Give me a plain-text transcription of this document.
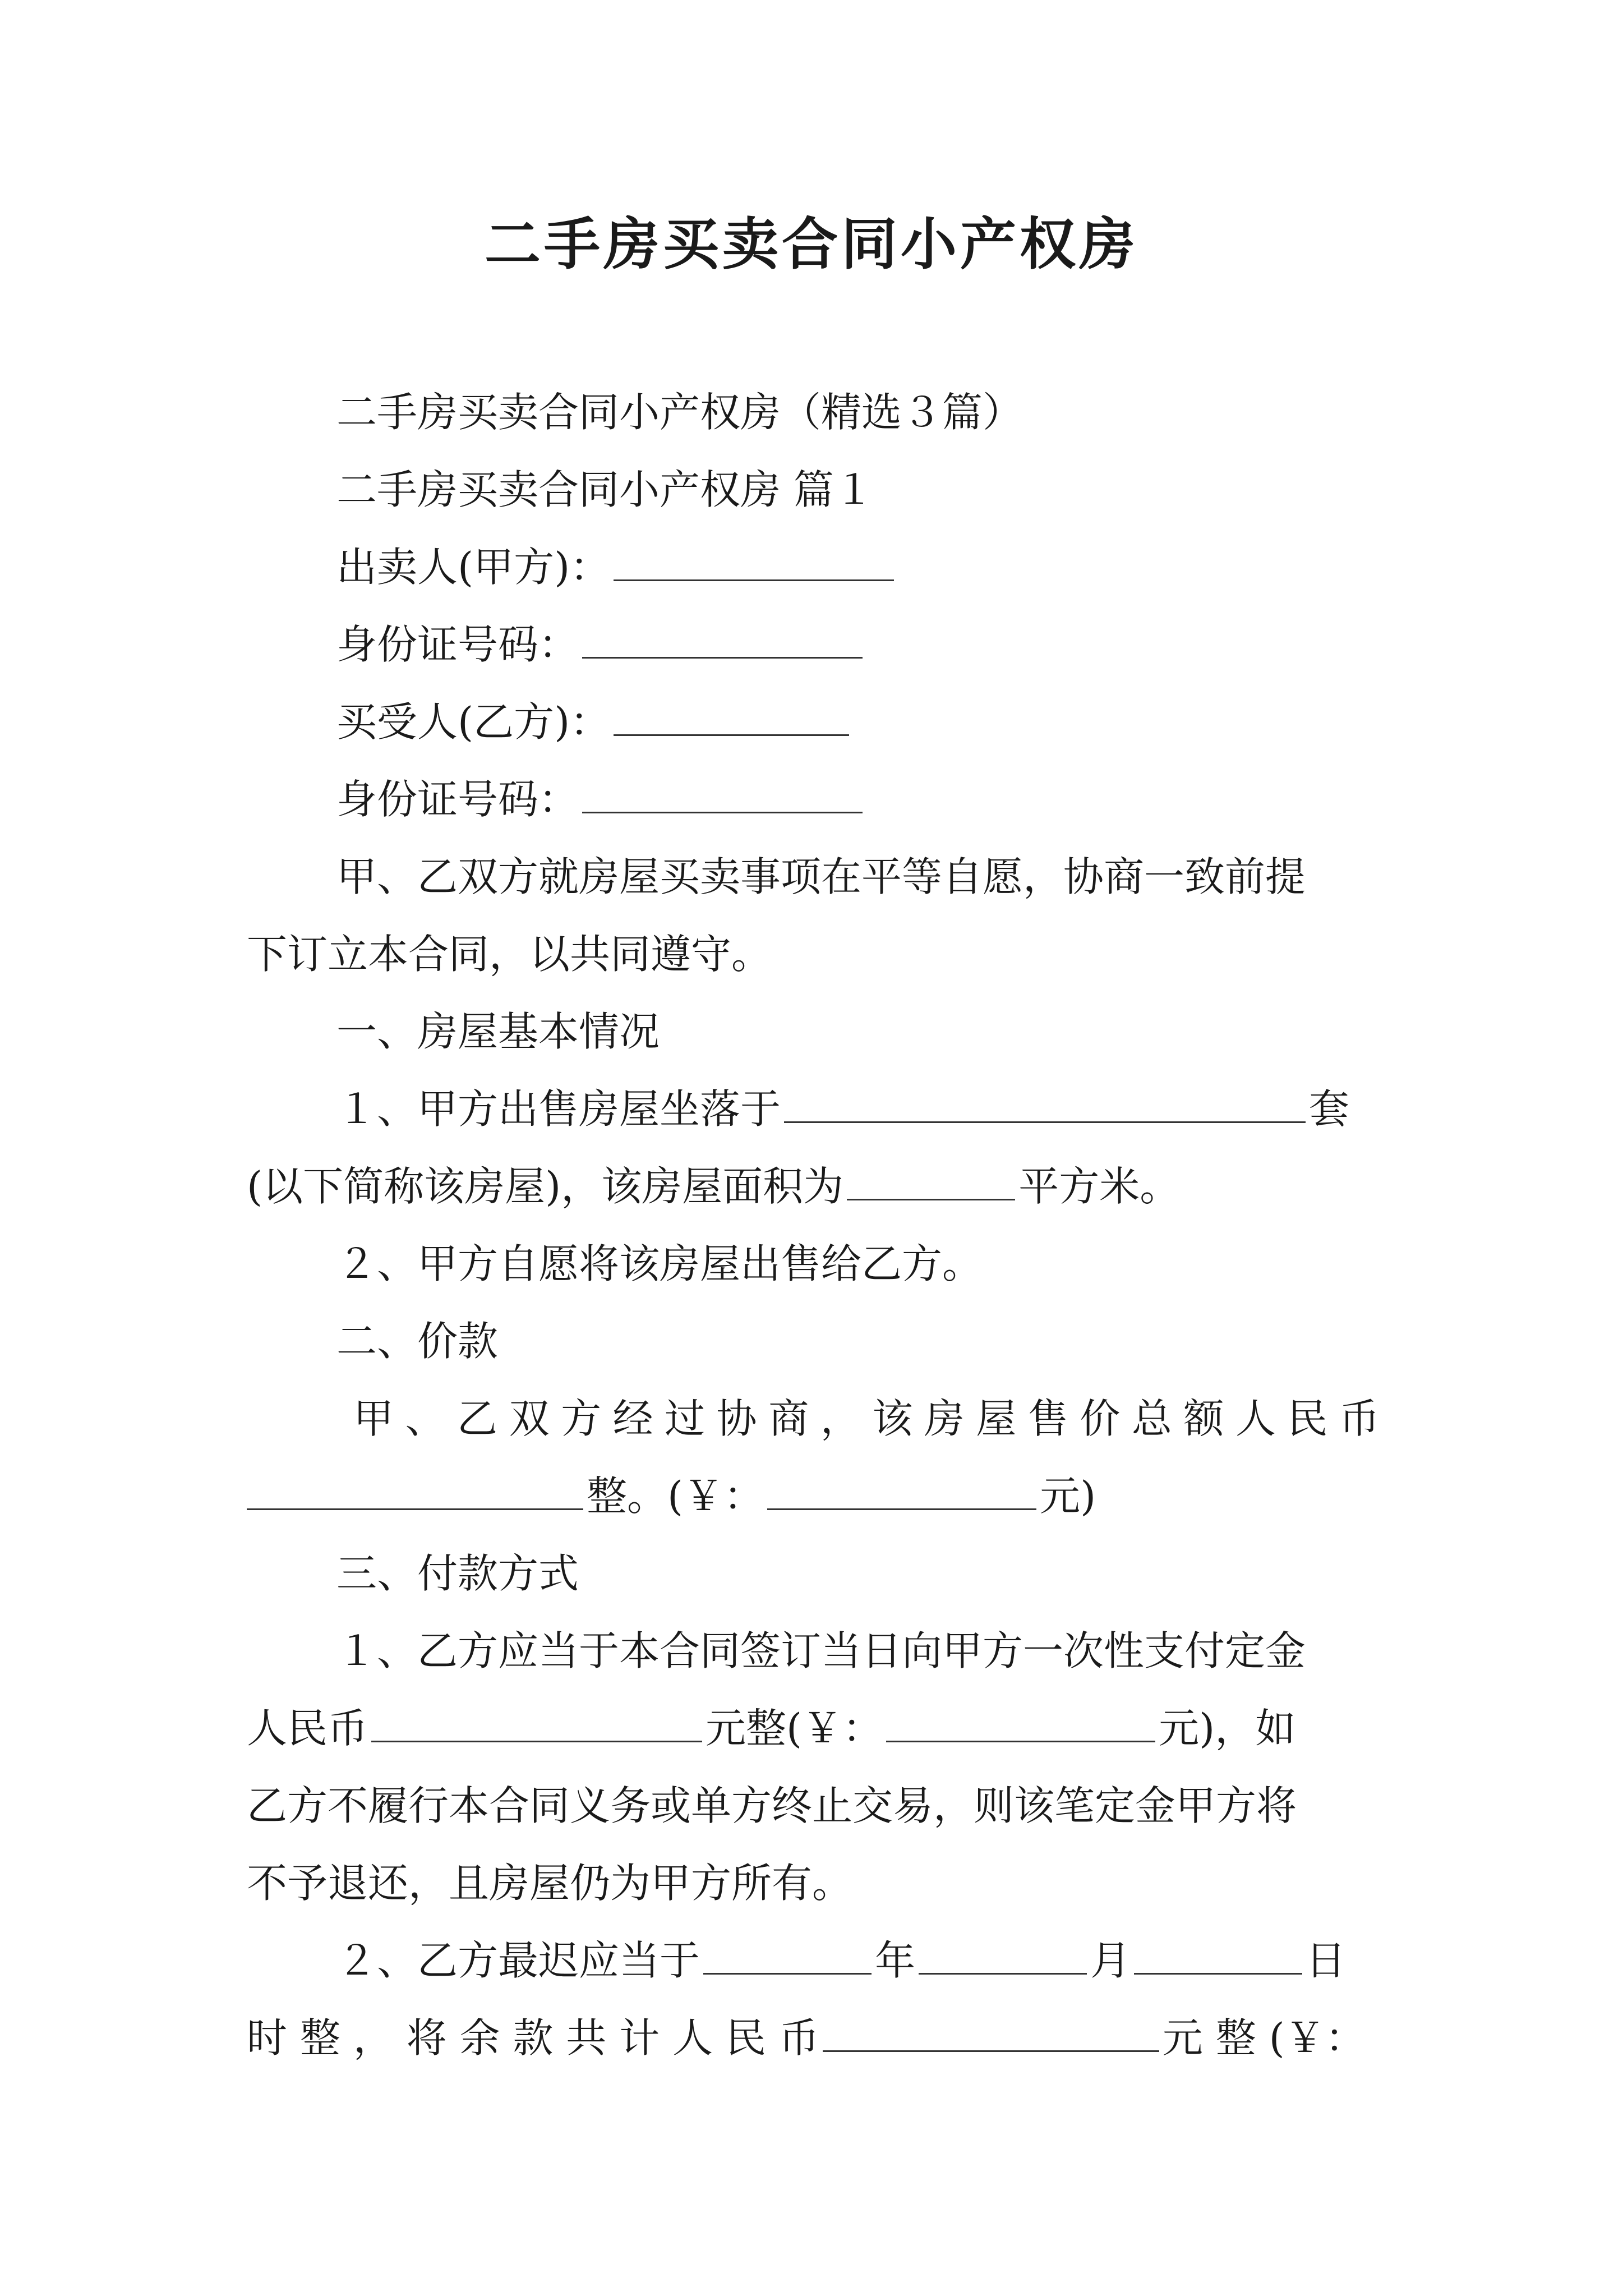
二手房买卖合同小产权房
二手房买卖合同小产权房（精选３篇）
二手房买卖合同小产权房 篇１
出卖人(甲方)：
身份证号码：
买受人(乙方)：
身份证号码：
甲、乙双方就房屋买卖事项在平等自愿，协商一致前提
下订立本合同，以共同遵守。
一、房屋基本情况
１、甲方出售房屋坐落于	套
(以下简称该房屋)，该房屋面积为	平方米。
２、甲方自愿将该房屋出售给乙方。
二、价款
甲、乙双方经过协商，该房屋售价总额人民币
整。(￥：	元)
三、付款方式
１、乙方应当于本合同签订当日向甲方一次性支付定金
人民币	元整(￥：	元)，如
乙方不履行本合同义务或单方终止交易，则该笔定金甲方将
不予退还，且房屋仍为甲方所有。
２、乙方最迟应当于	年	月	日
时 整 ， 将 余 款 共 计 人 民 币	元 整 (￥：
